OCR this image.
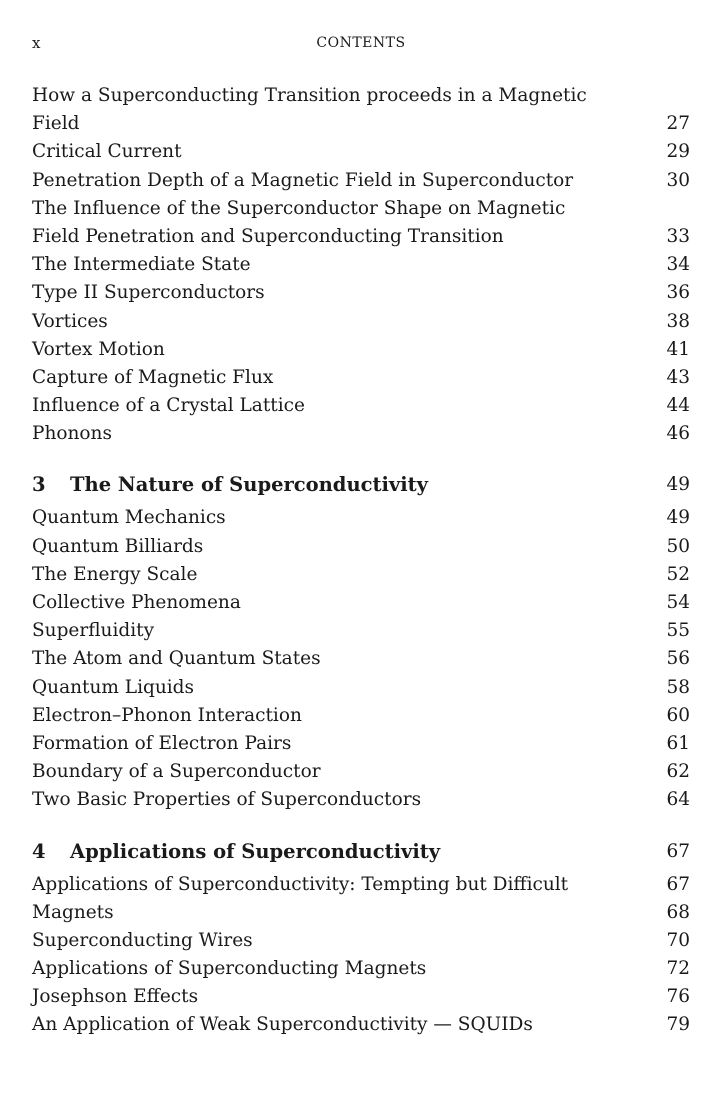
x	CONTENTS
How a Superconducting Transition proceeds in a Magnetic
Field	27
Critical Current	29
Penetration Depth of a Magnetic Field in Superconductor	30
The Influence of the Superconductor Shape on Magnetic
Field Penetration and Superconducting Transition	33
The Intermediate State	34
Type II Superconductors	36
Vortices	38
Vortex Motion	41
Capture of Magnetic Flux	43
Influence of a Crystal Lattice	44
Phonons	46
3 The Nature of Superconductivity	49
Quantum Mechanics	49
Quantum Billiards	50
The Energy Scale	52
Collective Phenomena	54
Superfluidity	55
The Atom and Quantum States	56
Quantum Liquids	58
Electron–Phonon Interaction	60
Formation of Electron Pairs	61
Boundary of a Superconductor	62
Two Basic Properties of Superconductors	64
4 Applications of Superconductivity	67
Applications of Superconductivity: Tempting but Difficult	67
Magnets	68
Superconducting Wires	70
Applications of Superconducting Magnets	72
Josephson Effects	76
An Application of Weak Superconductivity — SQUIDs	79
